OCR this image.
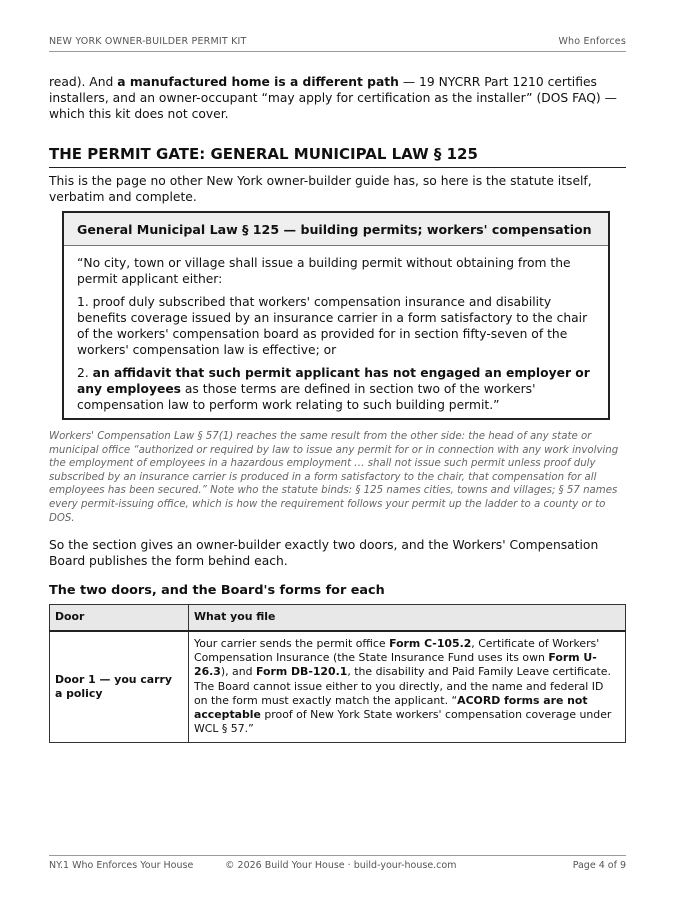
NEW YORK OWNER-BUILDER PERMIT KIT	Who Enforces

read). And a manufactured home is a different path — 19 NYCRR Part 1210 certifies installers, and an owner-occupant “may apply for certification as the installer” (DOS FAQ) — which this kit does not cover.

THE PERMIT GATE: GENERAL MUNICIPAL LAW § 125

This is the page no other New York owner-builder guide has, so here is the statute itself, verbatim and complete.

General Municipal Law § 125 — building permits; workers' compensation

“No city, town or village shall issue a building permit without obtaining from the permit applicant either:

1. proof duly subscribed that workers' compensation insurance and disability benefits coverage issued by an insurance carrier in a form satisfactory to the chair of the workers' compensation board as provided for in section fifty-seven of the workers' compensation law is effective; or

2. an affidavit that such permit applicant has not engaged an employer or any employees as those terms are defined in section two of the workers' compensation law to perform work relating to such building permit.”

Workers' Compensation Law § 57(1) reaches the same result from the other side: the head of any state or municipal office “authorized or required by law to issue any permit for or in connection with any work involving the employment of employees in a hazardous employment … shall not issue such permit unless proof duly subscribed by an insurance carrier is produced in a form satisfactory to the chair, that compensation for all employees has been secured.” Note who the statute binds: § 125 names cities, towns and villages; § 57 names every permit-issuing office, which is how the requirement follows your permit up the ladder to a county or to DOS.

So the section gives an owner-builder exactly two doors, and the Workers' Compensation Board publishes the form behind each.

The two doors, and the Board's forms for each
Door	What you file
Door 1 — you carry a policy	Your carrier sends the permit office Form C-105.2, Certificate of Workers' Compensation Insurance (the State Insurance Fund uses its own Form U-26.3), and Form DB-120.1, the disability and Paid Family Leave certificate. The Board cannot issue either to you directly, and the name and federal ID on the form must exactly match the applicant. “ACORD forms are not acceptable proof of New York State workers' compensation coverage under WCL § 57.”
NY.1 Who Enforces Your House	© 2026 Build Your House · build-your-house.com	Page 4 of 9
